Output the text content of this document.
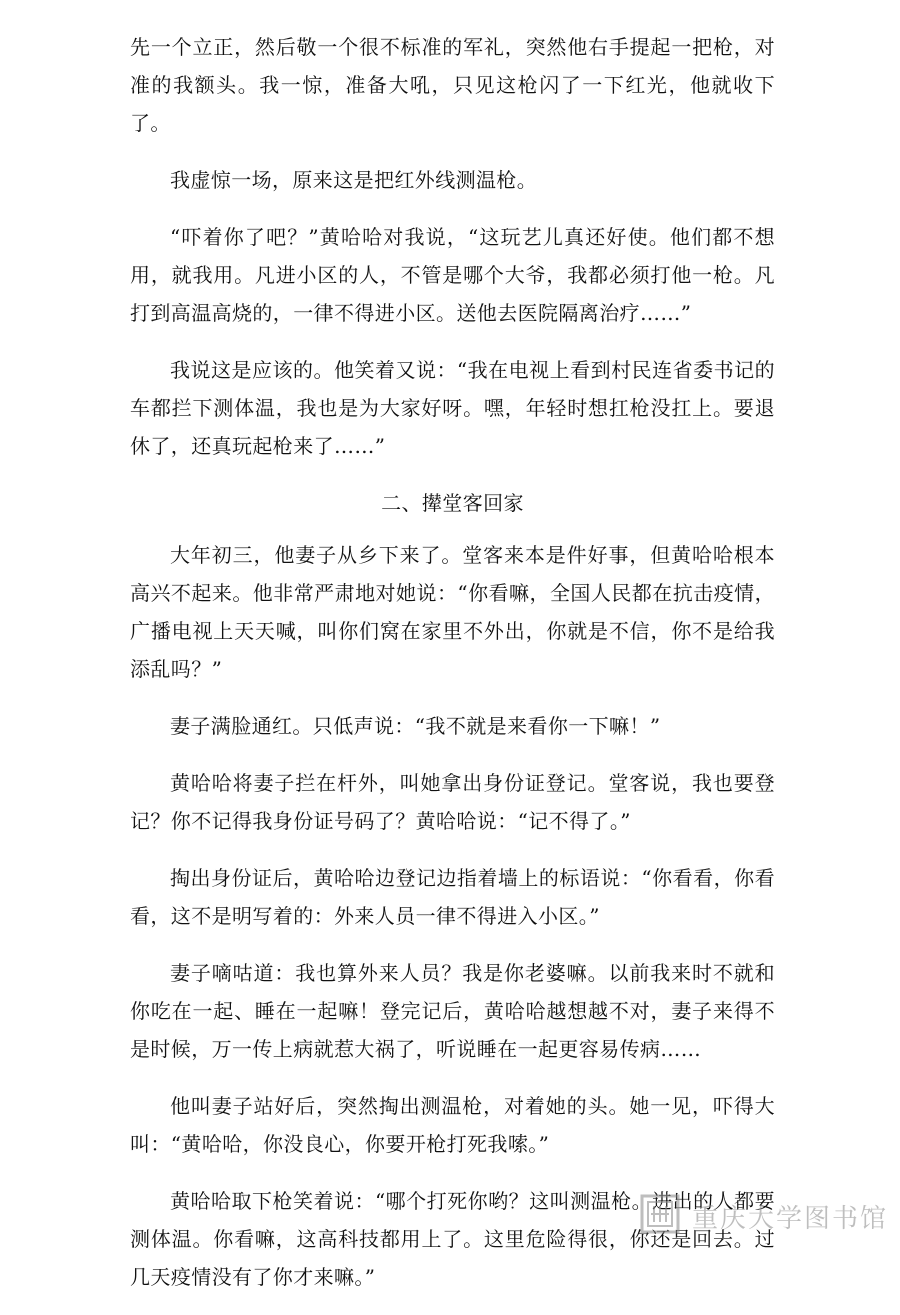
先一个立正，然后敬一个很不标准的军礼，突然他右手提起一把枪，对准的我额头。我一惊，准备大吼，只见这枪闪了一下红光，他就收下了。

我虚惊一场，原来这是把红外线测温枪。

“吓着你了吧？”黄哈哈对我说，“这玩艺儿真还好使。他们都不想用，就我用。凡进小区的人，不管是哪个大爷，我都必须打他一枪。凡打到高温高烧的，一律不得进小区。送他去医院隔离治疗……”

我说这是应该的。他笑着又说：“我在电视上看到村民连省委书记的车都拦下测体温，我也是为大家好呀。嘿，年轻时想扛枪没扛上。要退休了，还真玩起枪来了……”

二、撵堂客回家

大年初三，他妻子从乡下来了。堂客来本是件好事，但黄哈哈根本高兴不起来。他非常严肃地对她说：“你看嘛，全国人民都在抗击疫情，广播电视上天天喊，叫你们窝在家里不外出，你就是不信，你不是给我添乱吗？”

妻子满脸通红。只低声说：“我不就是来看你一下嘛！”

黄哈哈将妻子拦在杆外，叫她拿出身份证登记。堂客说，我也要登记？你不记得我身份证号码了？黄哈哈说：“记不得了。”

掏出身份证后，黄哈哈边登记边指着墙上的标语说：“你看看，你看看，这不是明写着的：外来人员一律不得进入小区。”

妻子嘀咕道：我也算外来人员？我是你老婆嘛。以前我来时不就和你吃在一起、睡在一起嘛！登完记后，黄哈哈越想越不对，妻子来得不是时候，万一传上病就惹大祸了，听说睡在一起更容易传病……

他叫妻子站好后，突然掏出测温枪，对着她的头。她一见，吓得大叫：“黄哈哈，你没良心，你要开枪打死我嗦。”

黄哈哈取下枪笑着说：“哪个打死你哟？这叫测温枪。进出的人都要测体温。你看嘛，这高科技都用上了。这里危险得很，你还是回去。过几天疫情没有了你才来嘛。”

重庆大学图书馆
